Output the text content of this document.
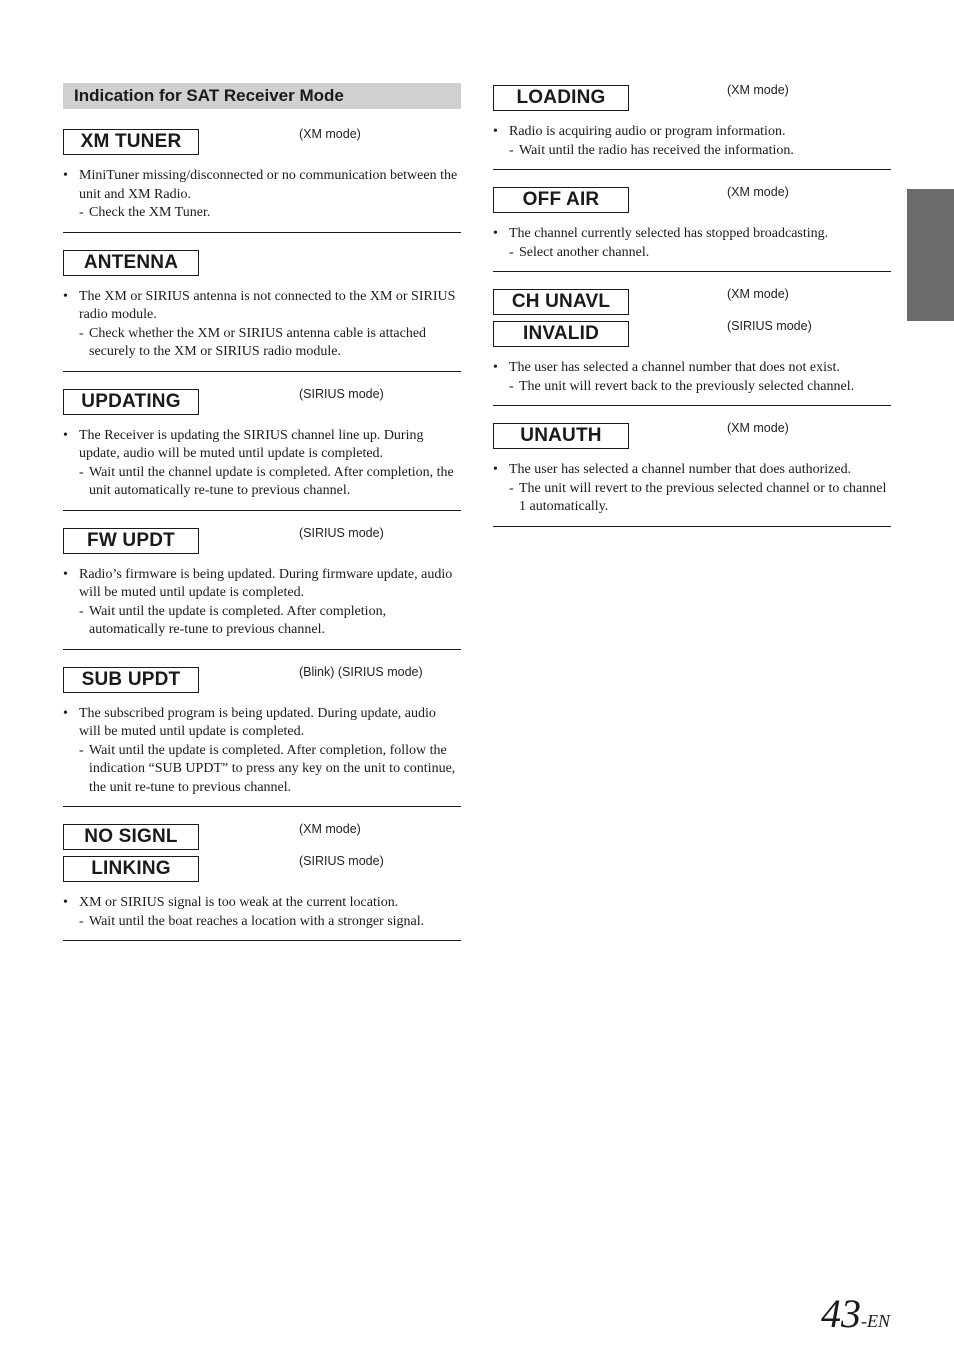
Indication for SAT Receiver Mode
XM TUNER	(XM mode)
• MiniTuner missing/disconnected or no communication between the unit and XM Radio.
- Check the XM Tuner.
ANTENNA
• The XM or SIRIUS antenna is not connected to the XM or SIRIUS radio module.
- Check whether the XM or SIRIUS antenna cable is attached securely to the XM or SIRIUS radio module.
UPDATING	(SIRIUS mode)
• The Receiver is updating the SIRIUS channel line up. During update, audio will be muted until update is completed.
- Wait until the channel update is completed. After completion, the unit automatically re-tune to previous channel.
FW UPDT	(SIRIUS mode)
• Radio’s firmware is being updated. During firmware update, audio will be muted until update is completed.
- Wait until the update is completed. After completion, automatically re-tune to previous channel.
SUB UPDT	(Blink) (SIRIUS mode)
• The subscribed program is being updated. During update, audio will be muted until update is completed.
- Wait until the update is completed. After completion, follow the indication “SUB UPDT” to press any key on the unit to continue, the unit re-tune to previous channel.
NO SIGNL	(XM mode)
LINKING	(SIRIUS mode)
• XM or SIRIUS signal is too weak at the current location.
- Wait until the boat reaches a location with a stronger signal.
LOADING	(XM mode)
• Radio is acquiring audio or program information.
- Wait until the radio has received the information.
OFF AIR	(XM mode)
• The channel currently selected has stopped broadcasting.
- Select another channel.
CH UNAVL	(XM mode)
INVALID	(SIRIUS mode)
• The user has selected a channel number that does not exist.
- The unit will revert back to the previously selected channel.
UNAUTH	(XM mode)
• The user has selected a channel number that does authorized.
- The unit will revert to the previous selected channel or to channel 1 automatically.
43-EN
